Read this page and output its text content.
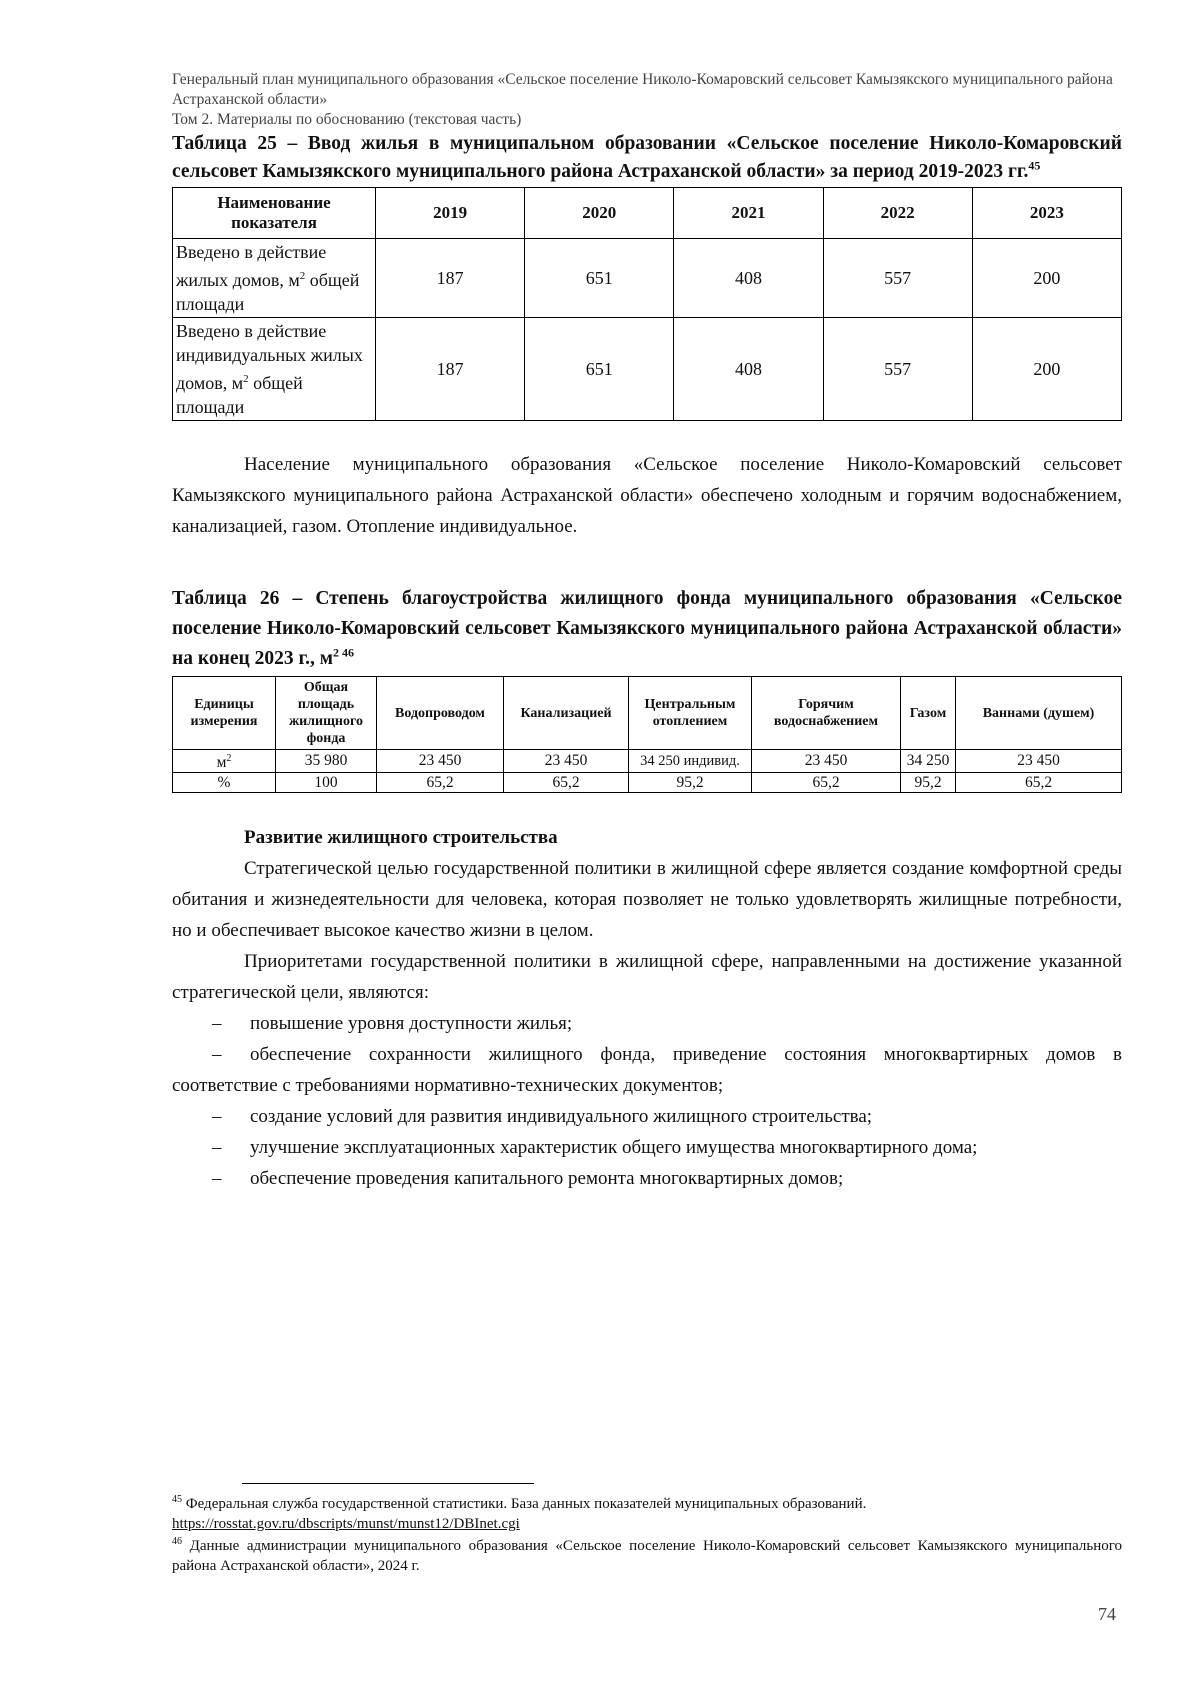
Генеральный план муниципального образования «Сельское поселение Николо-Комаровский сельсовет Камызякского муниципального района Астраханской области»
Том 2. Материалы по обоснованию (текстовая часть)

Таблица 25 – Ввод жилья в муниципальном образовании «Сельское поселение Николо-Комаровский сельсовет Камызякского муниципального района Астраханской области» за период 2019-2023 гг.$^{45}$

Наименование показателя	2019	2020	2021	2022	2023
Введено в действие жилых домов, $м^2$ общей площади	187	651	408	557	200
Введено в действие индивидуальных жилых домов, $м^2$ общей площади	187	651	408	557	200

Население муниципального образования «Сельское поселение Николо-Комаровский сельсовет Камызякского муниципального района Астраханской области» обеспечено холодным и горячим водоснабжением, канализацией, газом. Отопление индивидуальное.

Таблица 26 – Степень благоустройства жилищного фонда муниципального образования «Сельское поселение Николо-Комаровский сельсовет Камызякского муниципального района Астраханской области» на конец 2023 г., $м^{2 46}$

Единицы измерения	Общая площадь жилищного фонда	Водопроводом	Канализацией	Центральным отоплением	Горячим водоснабжением	Газом	Ваннами (душем)
$м^2$	35 980	23 450	23 450	34 250 индивид.	23 450	34 250	23 450
%	100	65,2	65,2	95,2	65,2	95,2	65,2

Развитие жилищного строительства

Стратегической целью государственной политики в жилищной сфере является создание комфортной среды обитания и жизнедеятельности для человека, которая позволяет не только удовлетворять жилищные потребности, но и обеспечивает высокое качество жизни в целом.

Приоритетами государственной политики в жилищной сфере, направленными на достижение указанной стратегической цели, являются:

– повышение уровня доступности жилья;

– обеспечение сохранности жилищного фонда, приведение состояния многоквартирных домов в соответствие с требованиями нормативно-технических документов;

– создание условий для развития индивидуального жилищного строительства;

– улучшение эксплуатационных характеристик общего имущества многоквартирного дома;

– обеспечение проведения капитального ремонта многоквартирных домов;

$^{45}$ Федеральная служба государственной статистики. База данных показателей муниципальных образований.
https://rosstat.gov.ru/dbscripts/munst/munst12/DBInet.cgi
$^{46}$ Данные администрации муниципального образования «Сельское поселение Николо-Комаровский сельсовет Камызякского муниципального района Астраханской области», 2024 г.
74
